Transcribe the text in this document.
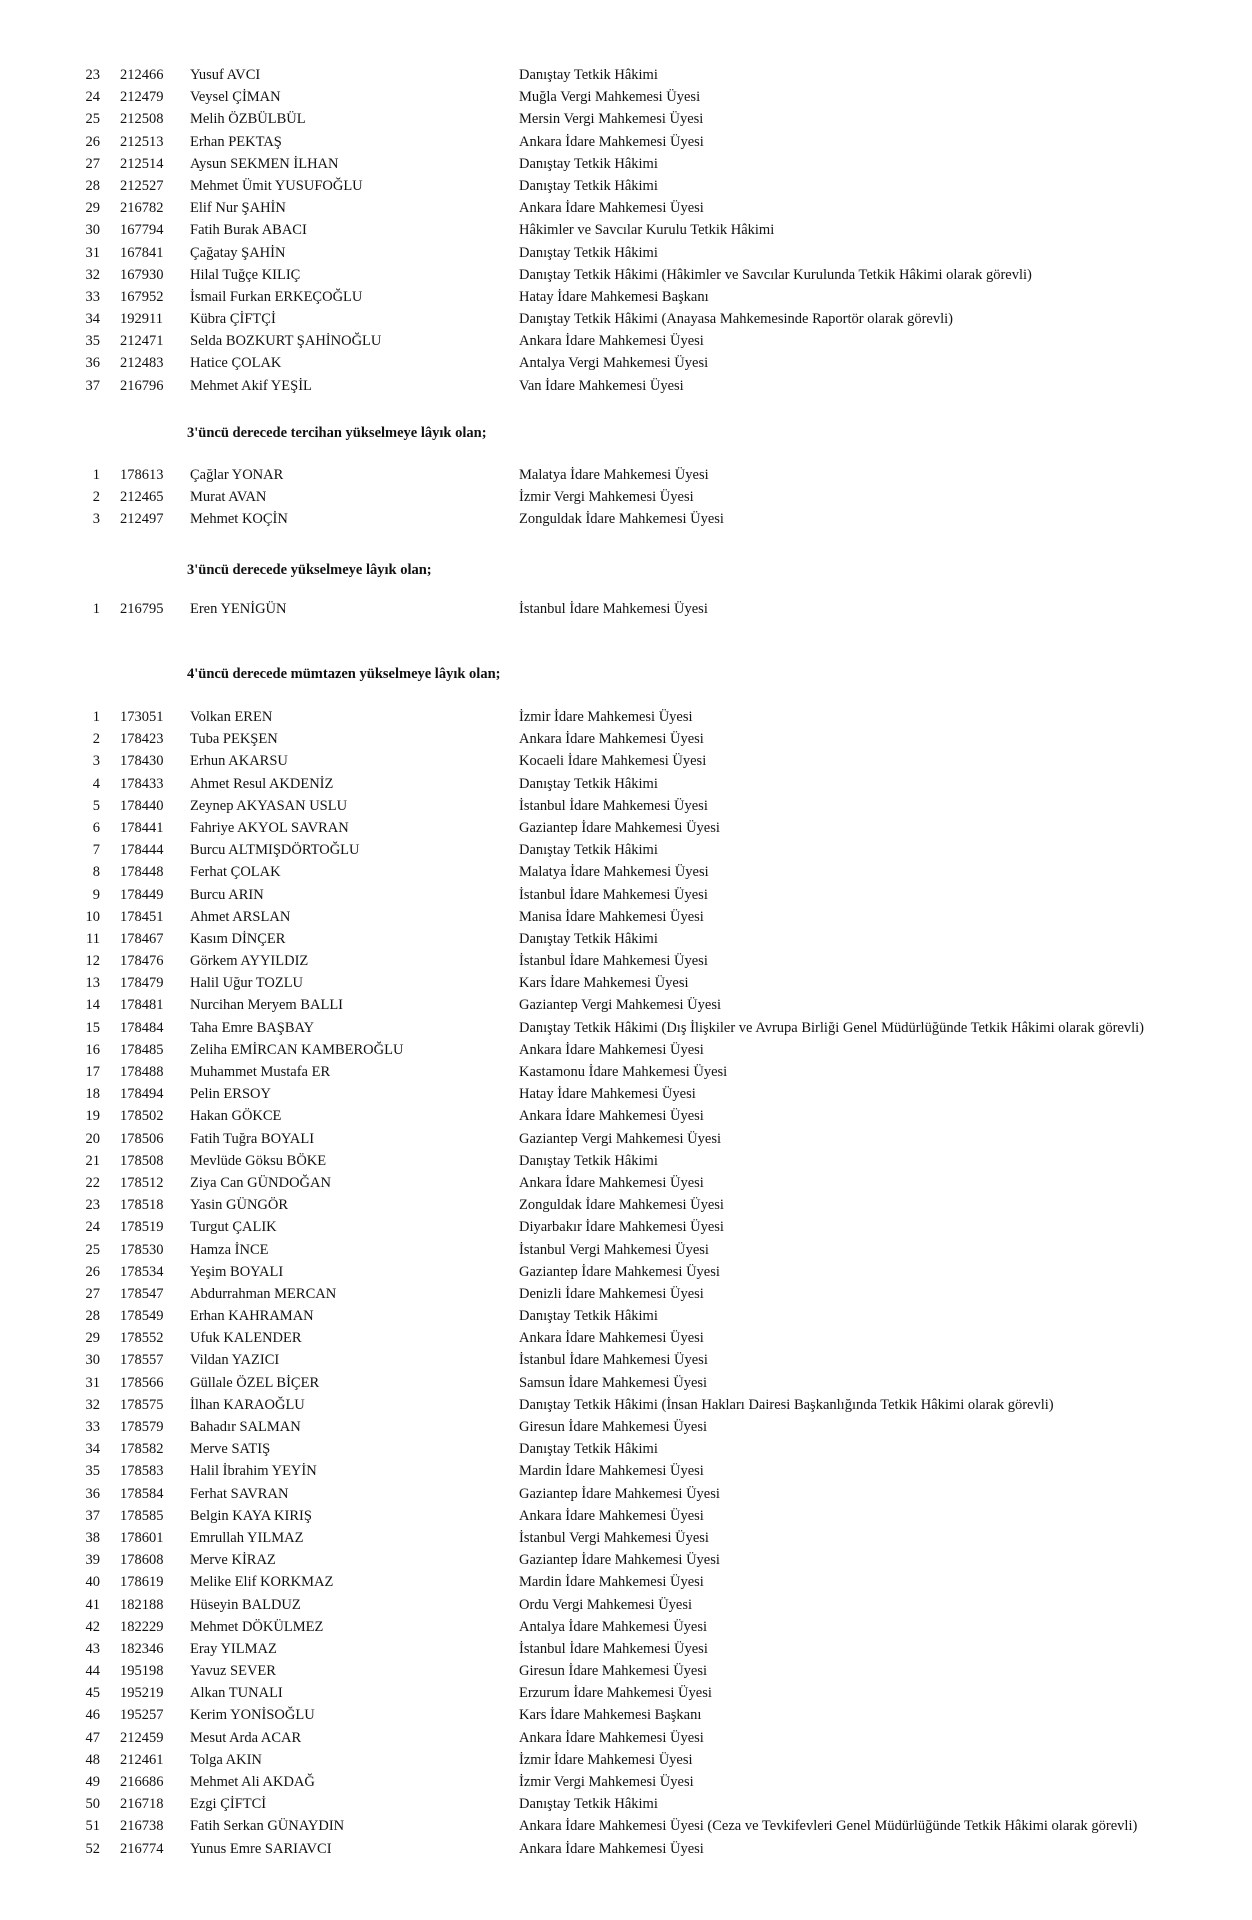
23 212466 Yusuf AVCI	Danıştay Tetkik Hâkimi
24 212479 Veysel ÇİMAN	Muğla Vergi Mahkemesi Üyesi
25 212508 Melih ÖZBÜLBÜL	Mersin Vergi Mahkemesi Üyesi
26 212513 Erhan PEKTAŞ	Ankara İdare Mahkemesi Üyesi
27 212514 Aysun SEKMEN İLHAN	Danıştay Tetkik Hâkimi
28 212527 Mehmet Ümit YUSUFOĞLU	Danıştay Tetkik Hâkimi
29 216782 Elif Nur ŞAHİN	Ankara İdare Mahkemesi Üyesi
30 167794 Fatih Burak ABACI	Hâkimler ve Savcılar Kurulu Tetkik Hâkimi
31 167841 Çağatay ŞAHİN	Danıştay Tetkik Hâkimi
32 167930 Hilal Tuğçe KILIÇ	Danıştay Tetkik Hâkimi (Hâkimler ve Savcılar Kurulunda Tetkik Hâkimi olarak görevli)
33 167952 İsmail Furkan ERKEÇOĞLU	Hatay İdare Mahkemesi Başkanı
34 192911 Kübra ÇİFTÇİ	Danıştay Tetkik Hâkimi (Anayasa Mahkemesinde Raportör olarak görevli)
35 212471 Selda BOZKURT ŞAHİNOĞLU	Ankara İdare Mahkemesi Üyesi
36 212483 Hatice ÇOLAK	Antalya Vergi Mahkemesi Üyesi
37 216796 Mehmet Akif YEŞİL	Van İdare Mahkemesi Üyesi
3'üncü derecede tercihan yükselmeye lâyık olan;
1 178613 Çağlar YONAR	Malatya İdare Mahkemesi Üyesi
2 212465 Murat AVAN	İzmir Vergi Mahkemesi Üyesi
3 212497 Mehmet KOÇİN	Zonguldak İdare Mahkemesi Üyesi
3'üncü derecede yükselmeye lâyık olan;
1 216795 Eren YENİGÜN	İstanbul İdare Mahkemesi Üyesi
4'üncü derecede mümtazen yükselmeye lâyık olan;
1 173051 Volkan EREN	İzmir İdare Mahkemesi Üyesi
2 178423 Tuba PEKŞEN	Ankara İdare Mahkemesi Üyesi
3 178430 Erhun AKARSU	Kocaeli İdare Mahkemesi Üyesi
4 178433 Ahmet Resul AKDENİZ	Danıştay Tetkik Hâkimi
5 178440 Zeynep AKYASAN USLU	İstanbul İdare Mahkemesi Üyesi
6 178441 Fahriye AKYOL SAVRAN	Gaziantep İdare Mahkemesi Üyesi
7 178444 Burcu ALTMIŞDÖRTOĞLU	Danıştay Tetkik Hâkimi
8 178448 Ferhat ÇOLAK	Malatya İdare Mahkemesi Üyesi
9 178449 Burcu ARIN	İstanbul İdare Mahkemesi Üyesi
10 178451 Ahmet ARSLAN	Manisa İdare Mahkemesi Üyesi
11 178467 Kasım DİNÇER	Danıştay Tetkik Hâkimi
12 178476 Görkem AYYILDIZ	İstanbul İdare Mahkemesi Üyesi
13 178479 Halil Uğur TOZLU	Kars İdare Mahkemesi Üyesi
14 178481 Nurcihan Meryem BALLI	Gaziantep Vergi Mahkemesi Üyesi
15 178484 Taha Emre BAŞBAY	Danıştay Tetkik Hâkimi (Dış İlişkiler ve Avrupa Birliği Genel Müdürlüğünde Tetkik Hâkimi olarak görevli)
16 178485 Zeliha EMİRCAN KAMBEROĞLU	Ankara İdare Mahkemesi Üyesi
17 178488 Muhammet Mustafa ER	Kastamonu İdare Mahkemesi Üyesi
18 178494 Pelin ERSOY	Hatay İdare Mahkemesi Üyesi
19 178502 Hakan GÖKCE	Ankara İdare Mahkemesi Üyesi
20 178506 Fatih Tuğra BOYALI	Gaziantep Vergi Mahkemesi Üyesi
21 178508 Mevlüde Göksu BÖKE	Danıştay Tetkik Hâkimi
22 178512 Ziya Can GÜNDOĞAN	Ankara İdare Mahkemesi Üyesi
23 178518 Yasin GÜNGÖR	Zonguldak İdare Mahkemesi Üyesi
24 178519 Turgut ÇALIK	Diyarbakır İdare Mahkemesi Üyesi
25 178530 Hamza İNCE	İstanbul Vergi Mahkemesi Üyesi
26 178534 Yeşim BOYALI	Gaziantep İdare Mahkemesi Üyesi
27 178547 Abdurrahman MERCAN	Denizli İdare Mahkemesi Üyesi
28 178549 Erhan KAHRAMAN	Danıştay Tetkik Hâkimi
29 178552 Ufuk KALENDER	Ankara İdare Mahkemesi Üyesi
30 178557 Vildan YAZICI	İstanbul İdare Mahkemesi Üyesi
31 178566 Güllale ÖZEL BİÇER	Samsun İdare Mahkemesi Üyesi
32 178575 İlhan KARAOĞLU	Danıştay Tetkik Hâkimi (İnsan Hakları Dairesi Başkanlığında Tetkik Hâkimi olarak görevli)
33 178579 Bahadır SALMAN	Giresun İdare Mahkemesi Üyesi
34 178582 Merve SATIŞ	Danıştay Tetkik Hâkimi
35 178583 Halil İbrahim YEYİN	Mardin İdare Mahkemesi Üyesi
36 178584 Ferhat SAVRAN	Gaziantep İdare Mahkemesi Üyesi
37 178585 Belgin KAYA KIRIŞ	Ankara İdare Mahkemesi Üyesi
38 178601 Emrullah YILMAZ	İstanbul Vergi Mahkemesi Üyesi
39 178608 Merve KİRAZ	Gaziantep İdare Mahkemesi Üyesi
40 178619 Melike Elif KORKMAZ	Mardin İdare Mahkemesi Üyesi
41 182188 Hüseyin BALDUZ	Ordu Vergi Mahkemesi Üyesi
42 182229 Mehmet DÖKÜLMEZ	Antalya İdare Mahkemesi Üyesi
43 182346 Eray YILMAZ	İstanbul İdare Mahkemesi Üyesi
44 195198 Yavuz SEVER	Giresun İdare Mahkemesi Üyesi
45 195219 Alkan TUNALI	Erzurum İdare Mahkemesi Üyesi
46 195257 Kerim YONİSOĞLU	Kars İdare Mahkemesi Başkanı
47 212459 Mesut Arda ACAR	Ankara İdare Mahkemesi Üyesi
48 212461 Tolga AKIN	İzmir İdare Mahkemesi Üyesi
49 216686 Mehmet Ali AKDAĞ	İzmir Vergi Mahkemesi Üyesi
50 216718 Ezgi ÇİFTCİ	Danıştay Tetkik Hâkimi
51 216738 Fatih Serkan GÜNAYDIN	Ankara İdare Mahkemesi Üyesi (Ceza ve Tevkifevleri Genel Müdürlüğünde Tetkik Hâkimi olarak görevli)
52 216774 Yunus Emre SARIAVCI	Ankara İdare Mahkemesi Üyesi
